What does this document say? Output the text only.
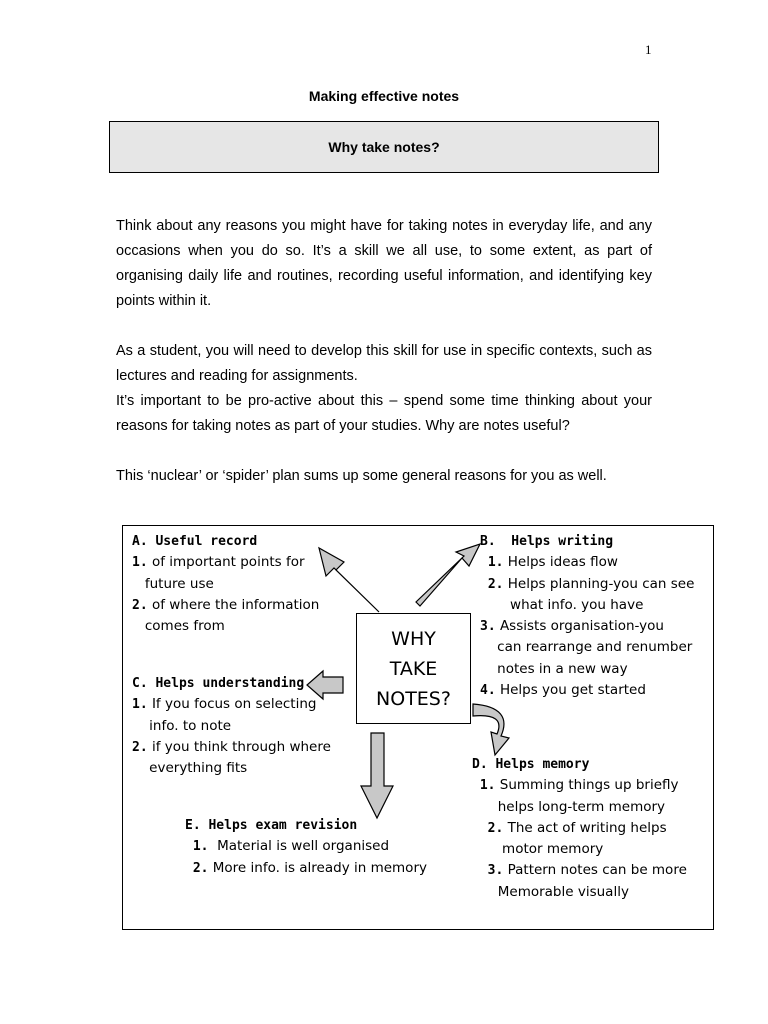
1
Making effective notes
Why take notes?

Think about any reasons you might have for taking notes in everyday life, and any occasions when you do so. It’s a skill we all use, to some extent, as part of organising daily life and routines, recording useful information, and identifying key points within it.

As a student, you will need to develop this skill for use in specific contexts, such as lectures and reading for assignments.

It’s important to be pro-active about this – spend some time thinking about your reasons for taking notes as part of your studies. Why are notes useful?

This ‘nuclear’ or ‘spider’ plan sums up some general reasons for you as well.

WHY
TAKE
NOTES?
A. Useful record
1. of important points for
future use
2. of where the information
comes from
B.  Helps writing
1. Helps ideas flow
2. Helps planning-you can see
what info. you have
3. Assists organisation-you
can rearrange and renumber
notes in a new way
4. Helps you get started
C. Helps understanding
1. If you focus on selecting
info. to note
2. if you think through where
everything fits	D. Helps memory
1. Summing things up briefly
helps long-term memory
2. The act of writing helps
motor memory
3. Pattern notes can be more
Memorable visually
E. Helps exam revision
1.  Material is well organised
2. More info. is already in memory
